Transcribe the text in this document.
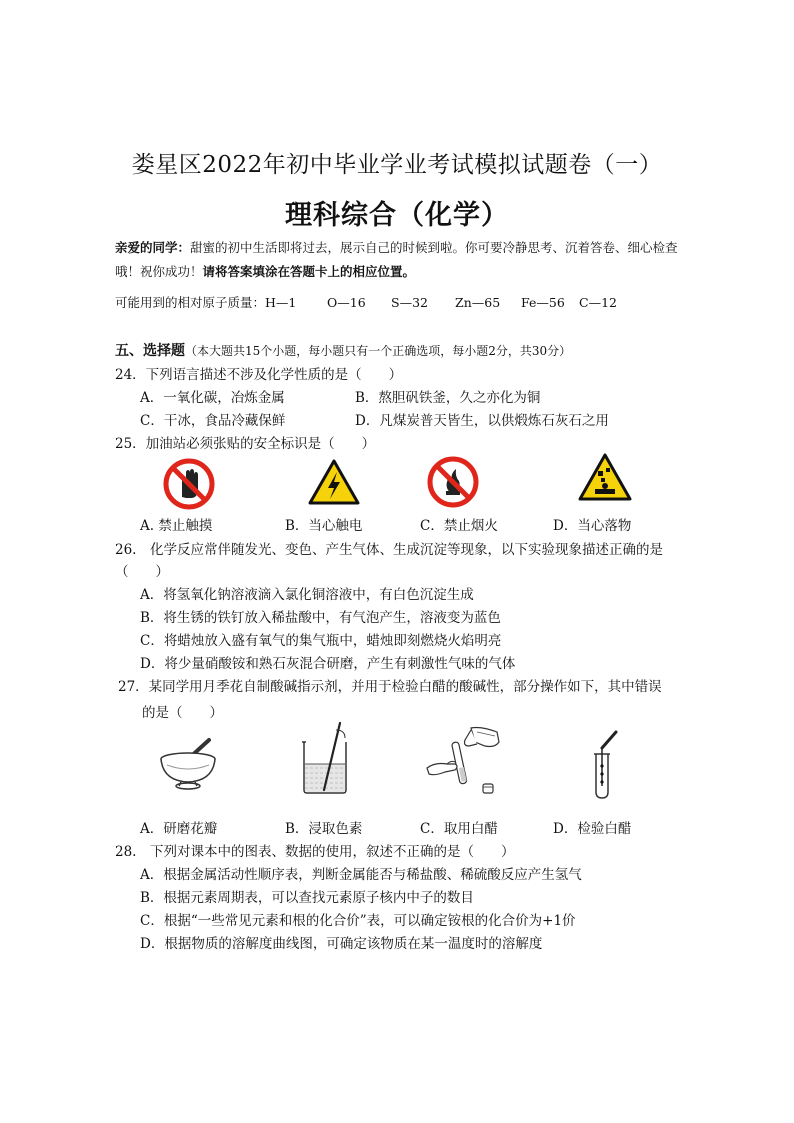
娄星区2022年初中毕业学业考试模拟试题卷（一）
理科综合（化学）
亲爱的同学：甜蜜的初中生活即将过去，展示自己的时候到啦。你可要冷静思考、沉着答卷、细心检查哦！祝你成功！请将答案填涂在答题卡上的相应位置。
可能用到的相对原子质量：H—1 O—16 S—32 Zn—65 Fe—56 C—12
五、选择题（本大题共15个小题，每小题只有一个正确选项，每小题2分，共30分）
24．下列语言描述不涉及化学性质的是（　　）
A．一氧化碳，冶炼金属	B．熬胆矾铁釜，久之亦化为铜
C．干冰，食品冷藏保鲜	D．凡煤炭普天皆生，以供煅炼石灰石之用
25．加油站必须张贴的安全标识是（　　）
A. 禁止触摸	B．当心触电	C．禁止烟火	D．当心落物
26.　化学反应常伴随发光、变色、产生气体、生成沉淀等现象，以下实验现象描述正确的是
（　　）
A．将氢氧化钠溶液滴入氯化铜溶液中，有白色沉淀生成
B．将生锈的铁钉放入稀盐酸中，有气泡产生，溶液变为蓝色
C．将蜡烛放入盛有氧气的集气瓶中，蜡烛即刻燃烧火焰明亮
D．将少量硝酸铵和熟石灰混合研磨，产生有刺激性气味的气体
27．某同学用月季花自制酸碱指示剂，并用于检验白醋的酸碱性，部分操作如下，其中错误
的是（　　）
A．研磨花瓣	B．浸取色素	C．取用白醋	D．检验白醋
28.　下列对课本中的图表、数据的使用，叙述不正确的是（　　）
A．根据金属活动性顺序表，判断金属能否与稀盐酸、稀硫酸反应产生氢气
B．根据元素周期表，可以查找元素原子核内中子的数目
C．根据“一些常见元素和根的化合价”表，可以确定铵根的化合价为+1价
D．根据物质的溶解度曲线图，可确定该物质在某一温度时的溶解度
